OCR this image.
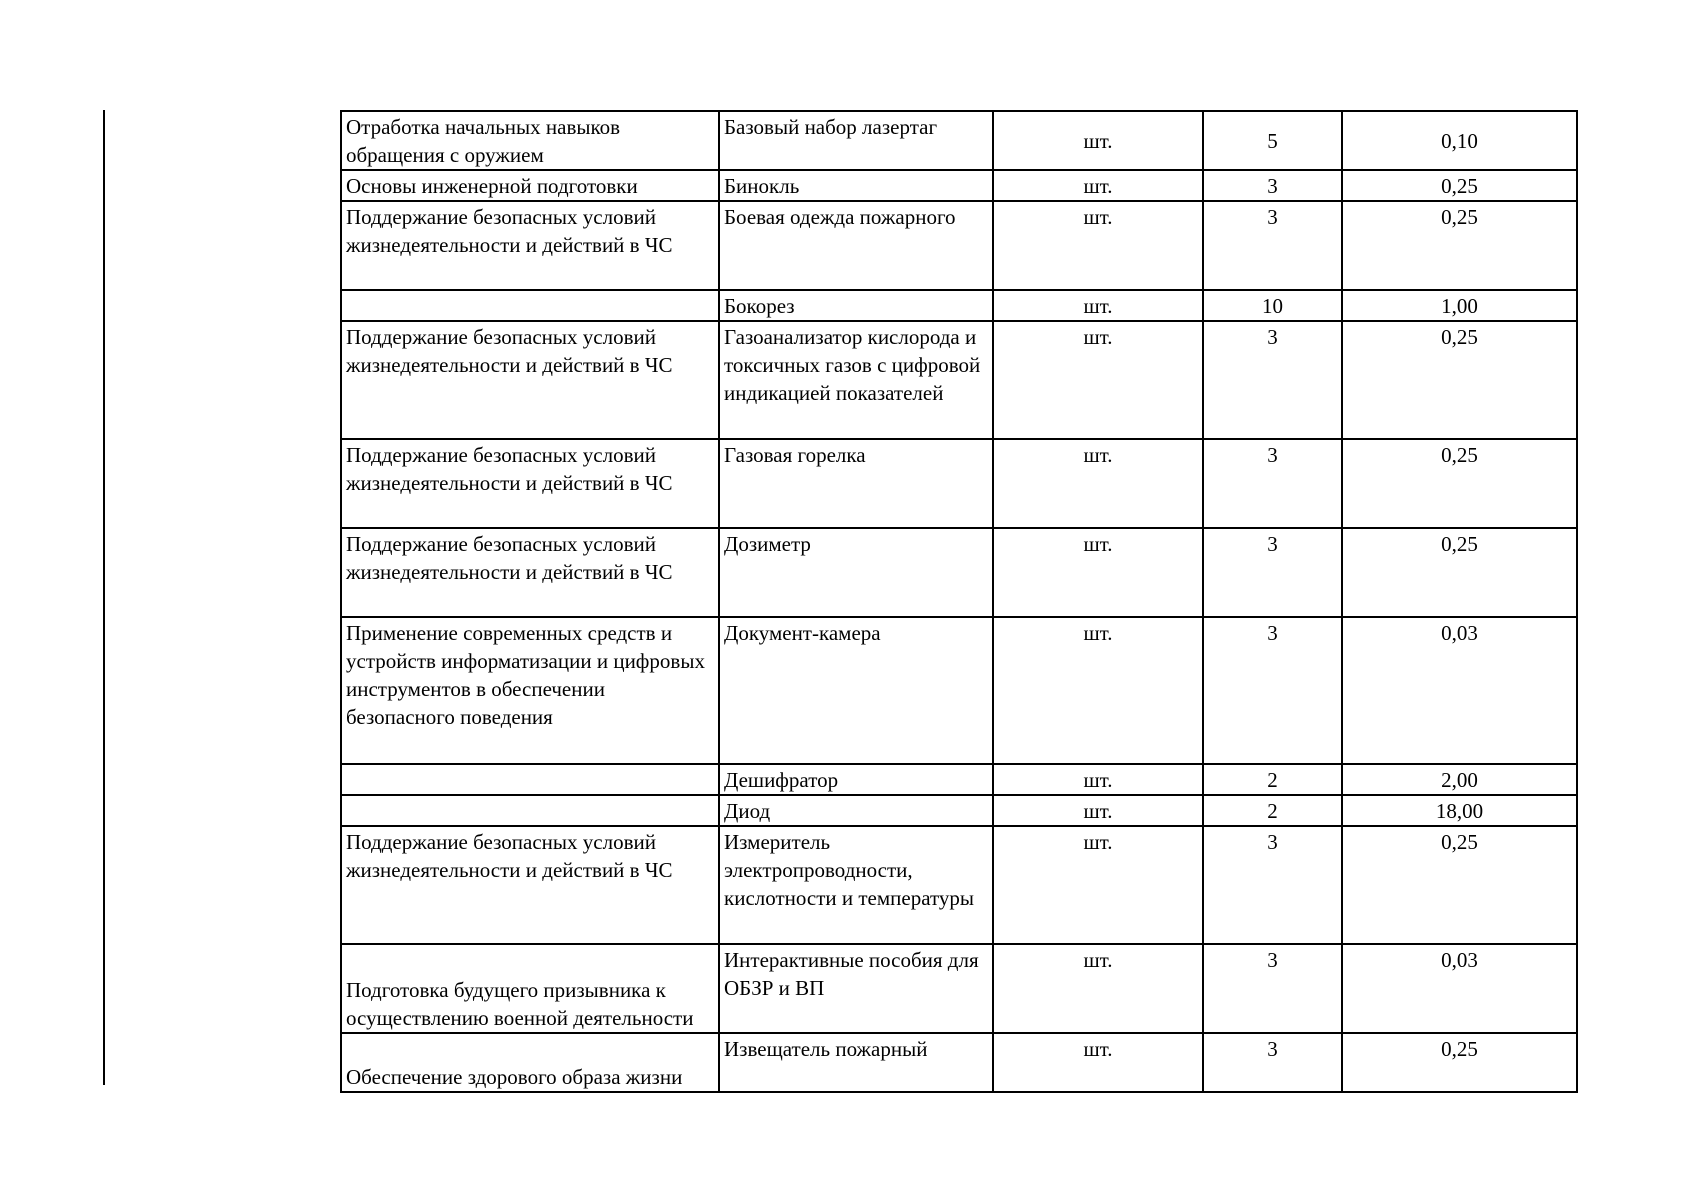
Отработка начальных навыков обращения с оружием	Базовый набор лазертаг	шт.	5	0,10
Основы инженерной подготовки	Бинокль	шт.	3	0,25
Поддержание безопасных условий жизнедеятельности и действий в ЧС	Боевая одежда пожарного	шт.	3	0,25
	Бокорез	шт.	10	1,00
Поддержание безопасных условий жизнедеятельности и действий в ЧС	Газоанализатор кислорода и токсичных газов с цифровой индикацией показателей	шт.	3	0,25
Поддержание безопасных условий жизнедеятельности и действий в ЧС	Газовая горелка	шт.	3	0,25
Поддержание безопасных условий жизнедеятельности и действий в ЧС	Дозиметр	шт.	3	0,25
Применение современных средств и устройств информатизации и цифровых инструментов в обеспечении безопасного поведения	Документ-камера	шт.	3	0,03
	Дешифратор	шт.	2	2,00
	Диод	шт.	2	18,00
Поддержание безопасных условий жизнедеятельности и действий в ЧС	Измеритель электропроводности, кислотности и температуры	шт.	3	0,25
Подготовка будущего призывника к осуществлению военной деятельности	Интерактивные пособия для ОБЗР и ВП	шт.	3	0,03
Обеспечение здорового образа жизни	Извещатель пожарный	шт.	3	0,25
